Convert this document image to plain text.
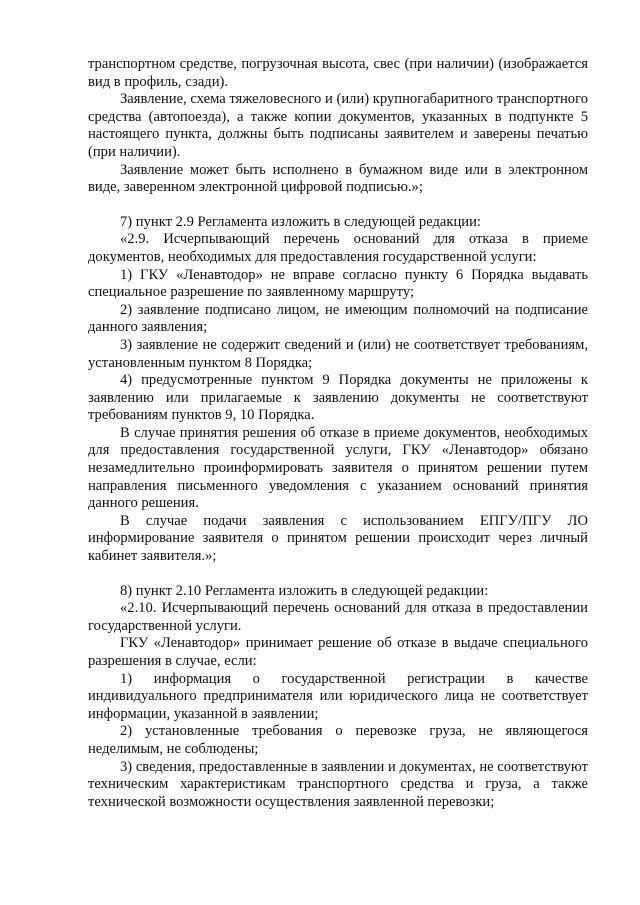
транспортном средстве, погрузочная высота, свес (при наличии) (изображается вид в профиль, сзади).

Заявление, схема тяжеловесного и (или) крупногабаритного транспортного средства (автопоезда), а также копии документов, указанных в подпункте 5 настоящего пункта, должны быть подписаны заявителем и заверены печатью (при наличии).

Заявление может быть исполнено в бумажном виде или в электронном виде, заверенном электронной цифровой подписью.»;

7) пункт 2.9 Регламента изложить в следующей редакции:

«2.9. Исчерпывающий перечень оснований для отказа в приеме документов, необходимых для предоставления государственной услуги:

1) ГКУ «Ленавтодор» не вправе согласно пункту 6 Порядка выдавать специальное разрешение по заявленному маршруту;

2) заявление подписано лицом, не имеющим полномочий на подписание данного заявления;

3) заявление не содержит сведений и (или) не соответствует требованиям, установленным пунктом 8 Порядка;

4) предусмотренные пунктом 9 Порядка документы не приложены к заявлению или прилагаемые к заявлению документы не соответствуют требованиям пунктов 9, 10 Порядка.

В случае принятия решения об отказе в приеме документов, необходимых для предоставления государственной услуги, ГКУ «Ленавтодор» обязано незамедлительно проинформировать заявителя о принятом решении путем направления письменного уведомления с указанием оснований принятия данного решения.

В случае подачи заявления с использованием ЕПГУ/ПГУ ЛО информирование заявителя о принятом решении происходит через личный кабинет заявителя.»;

8) пункт 2.10 Регламента изложить в следующей редакции:

«2.10. Исчерпывающий перечень оснований для отказа в предоставлении государственной услуги.

ГКУ «Ленавтодор» принимает решение об отказе в выдаче специального разрешения в случае, если:

1) информация о государственной регистрации в качестве индивидуального предпринимателя или юридического лица не соответствует информации, указанной в заявлении;

2) установленные требования о перевозке груза, не являющегося неделимым, не соблюдены;

3) сведения, предоставленные в заявлении и документах, не соответствуют техническим характеристикам транспортного средства и груза, а также технической возможности осуществления заявленной перевозки;
